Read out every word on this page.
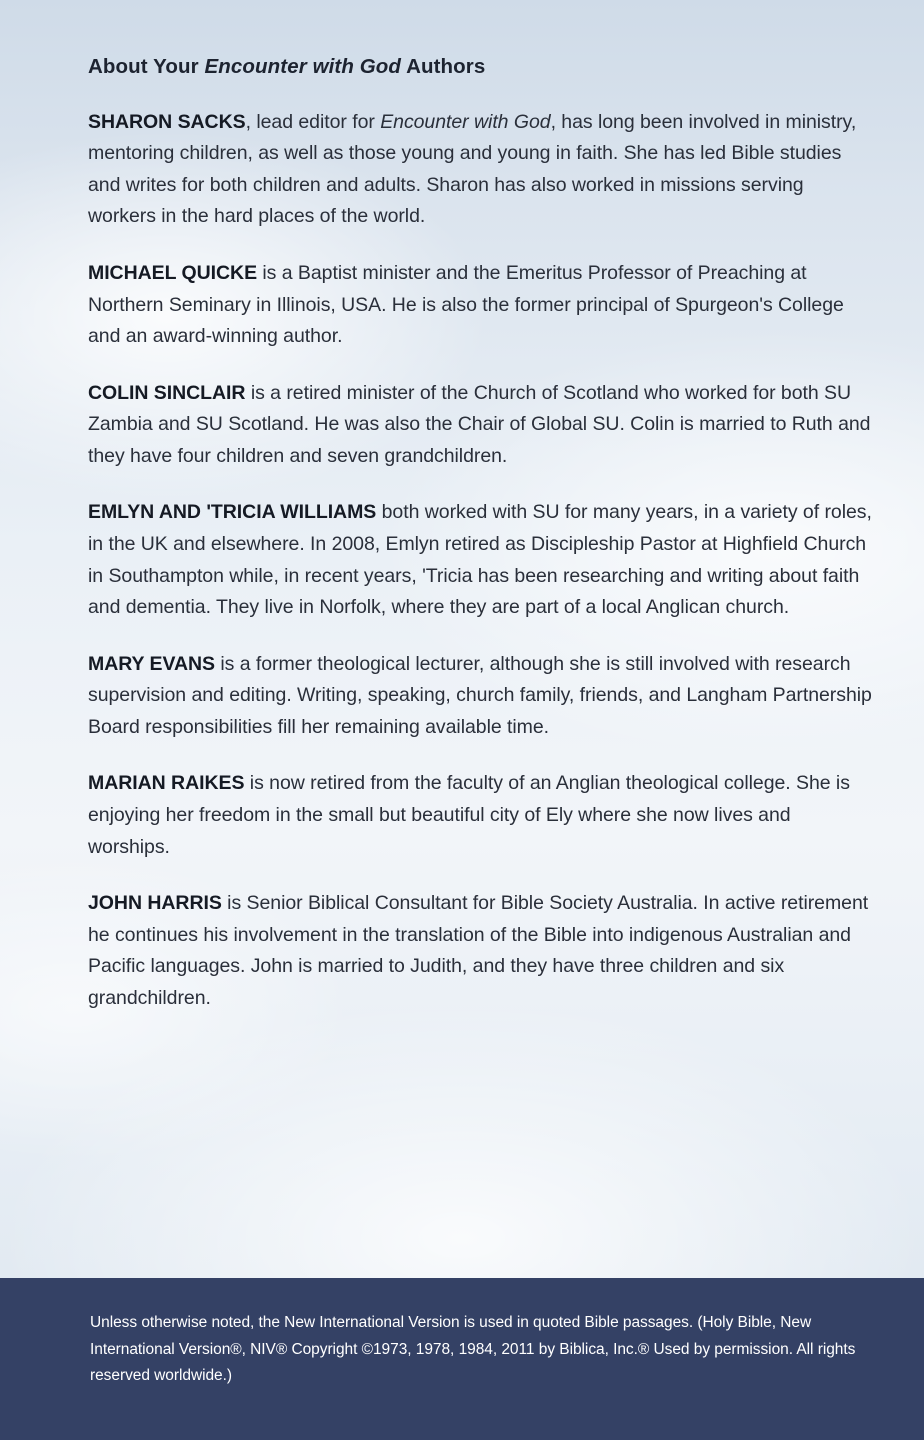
About Your Encounter with God Authors

SHARON SACKS, lead editor for Encounter with God, has long been involved in ministry, mentoring children, as well as those young and young in faith. She has led Bible studies and writes for both children and adults. Sharon has also worked in missions serving workers in the hard places of the world.

MICHAEL QUICKE is a Baptist minister and the Emeritus Professor of Preaching at Northern Seminary in Illinois, USA. He is also the former principal of Spurgeon's College and an award-winning author.

COLIN SINCLAIR is a retired minister of the Church of Scotland who worked for both SU Zambia and SU Scotland. He was also the Chair of Global SU. Colin is married to Ruth and they have four children and seven grandchildren.

EMLYN AND 'TRICIA WILLIAMS both worked with SU for many years, in a variety of roles, in the UK and elsewhere. In 2008, Emlyn retired as Discipleship Pastor at Highfield Church in Southampton while, in recent years, 'Tricia has been researching and writing about faith and dementia. They live in Norfolk, where they are part of a local Anglican church.

MARY EVANS is a former theological lecturer, although she is still involved with research supervision and editing. Writing, speaking, church family, friends, and Langham Partnership Board responsibilities fill her remaining available time.

MARIAN RAIKES is now retired from the faculty of an Anglian theological college. She is enjoying her freedom in the small but beautiful city of Ely where she now lives and worships.

JOHN HARRIS is Senior Biblical Consultant for Bible Society Australia. In active retirement he continues his involvement in the translation of the Bible into indigenous Australian and Pacific languages. John is married to Judith, and they have three children and six grandchildren.

Unless otherwise noted, the New International Version is used in quoted Bible passages. (Holy Bible, New International Version®, NIV® Copyright ©1973, 1978, 1984, 2011 by Biblica, Inc.® Used by permission. All rights reserved worldwide.)
